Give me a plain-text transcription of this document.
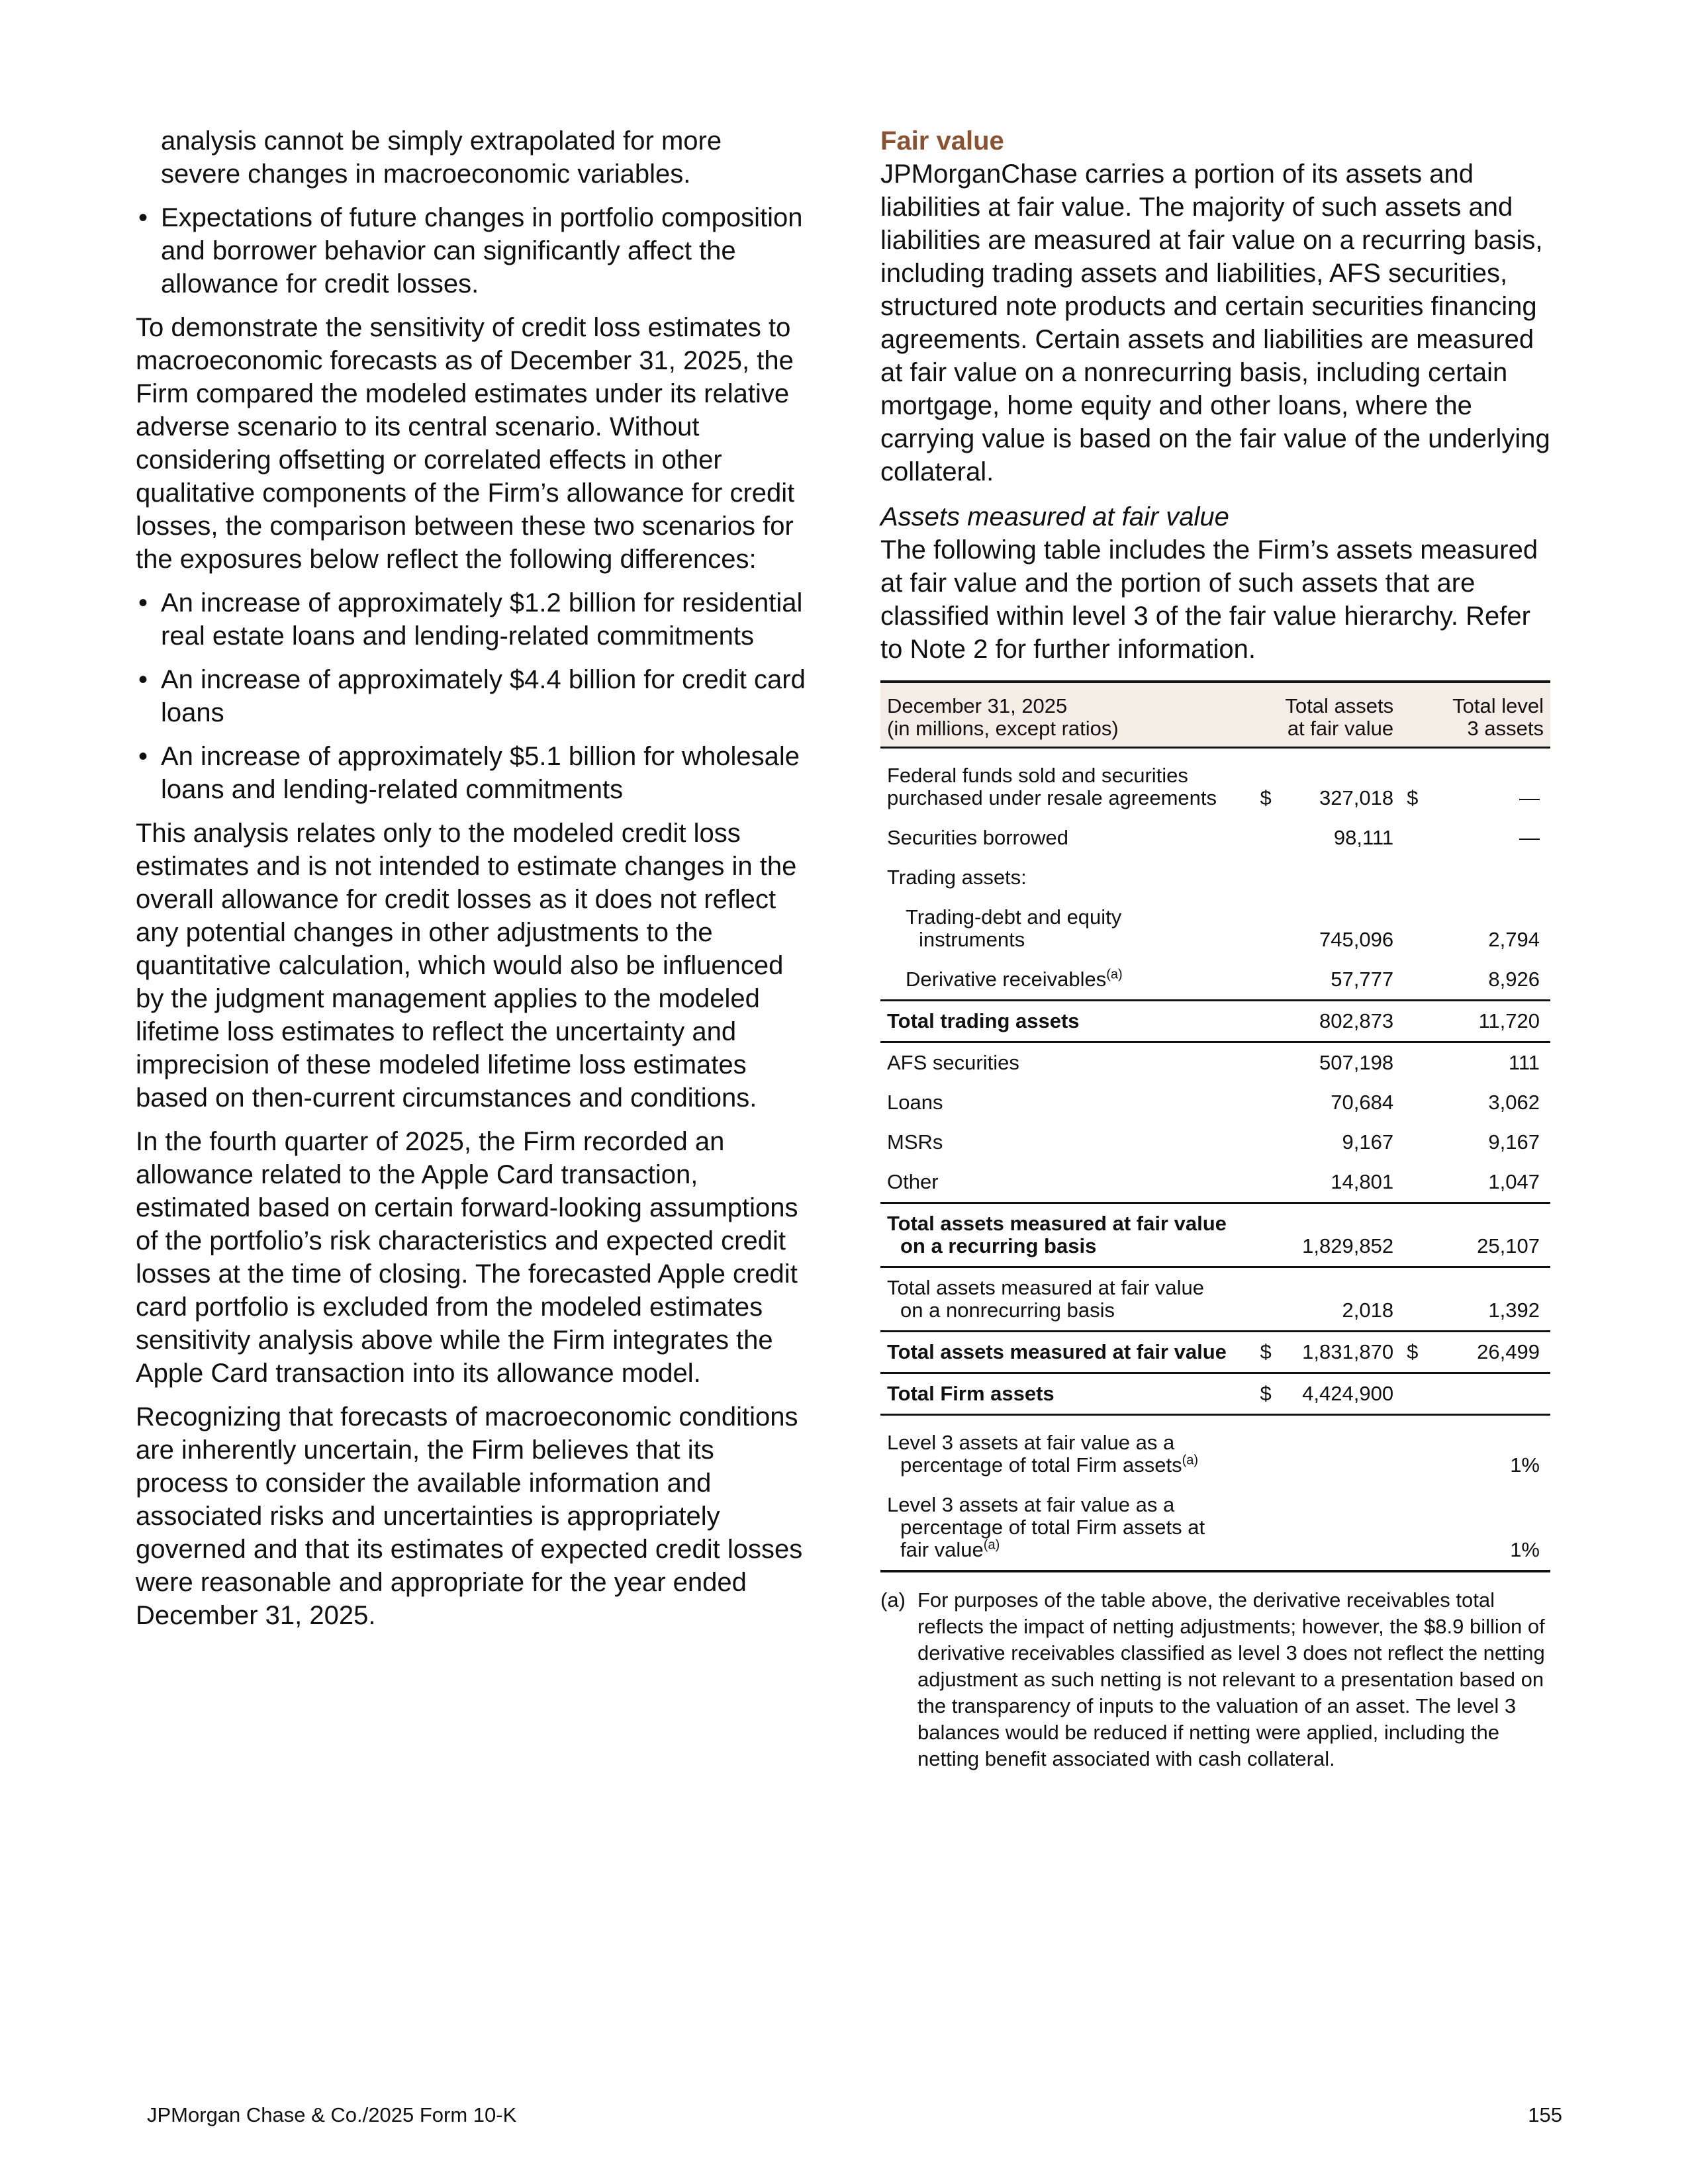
analysis cannot be simply extrapolated for more severe changes in macroeconomic variables.

• Expectations of future changes in portfolio composition and borrower behavior can significantly affect the allowance for credit losses.

To demonstrate the sensitivity of credit loss estimates to macroeconomic forecasts as of December 31, 2025, the Firm compared the modeled estimates under its relative adverse scenario to its central scenario. Without considering offsetting or correlated effects in other qualitative components of the Firm’s allowance for credit losses, the comparison between these two scenarios for the exposures below reflect the following differences:

• An increase of approximately $1.2 billion for residential real estate loans and lending-related commitments
• An increase of approximately $4.4 billion for credit card loans
• An increase of approximately $5.1 billion for wholesale loans and lending-related commitments

This analysis relates only to the modeled credit loss estimates and is not intended to estimate changes in the overall allowance for credit losses as it does not reflect any potential changes in other adjustments to the quantitative calculation, which would also be influenced by the judgment management applies to the modeled lifetime loss estimates to reflect the uncertainty and imprecision of these modeled lifetime loss estimates based on then-current circumstances and conditions.

In the fourth quarter of 2025, the Firm recorded an allowance related to the Apple Card transaction, estimated based on certain forward-looking assumptions of the portfolio’s risk characteristics and expected credit losses at the time of closing. The forecasted Apple credit card portfolio is excluded from the modeled estimates sensitivity analysis above while the Firm integrates the Apple Card transaction into its allowance model.

Recognizing that forecasts of macroeconomic conditions are inherently uncertain, the Firm believes that its process to consider the available information and associated risks and uncertainties is appropriately governed and that its estimates of expected credit losses were reasonable and appropriate for the year ended December 31, 2025.

Fair value

JPMorganChase carries a portion of its assets and liabilities at fair value. The majority of such assets and liabilities are measured at fair value on a recurring basis, including trading assets and liabilities, AFS securities, structured note products and certain securities financing agreements. Certain assets and liabilities are measured at fair value on a nonrecurring basis, including certain mortgage, home equity and other loans, where the carrying value is based on the fair value of the underlying collateral.

Assets measured at fair value

The following table includes the Firm’s assets measured at fair value and the portion of such assets that are classified within level 3 of the fair value hierarchy. Refer to Note 2 for further information.

December 31, 2025
(in millions, except ratios)	Total assets
at fair value	Total level
3 assets
Federal funds sold and securities
purchased under resale agreements	$ 327,018	$ —
Securities borrowed	98,111	—
Trading assets:		
Trading-debt and equity

instruments	745,096	2,794
Derivative receivables$^{(a)}$	57,777	8,926
Total trading assets	802,873	11,720
AFS securities	507,198	111
Loans	70,684	3,062
MSRs	9,167	9,167
Other	14,801	1,047
Total assets measured at fair value

on a recurring basis	1,829,852	25,107
Total assets measured at fair value

on a nonrecurring basis	2,018	1,392
Total assets measured at fair value	$ 1,831,870	$ 26,499
Total Firm assets	$ 4,424,900	
Level 3 assets at fair value as a

percentage of total Firm assets$^{(a)}$		1%
Level 3 assets at fair value as a

percentage of total Firm assets at
fair value$^{(a)}$		1%
(a) For purposes of the table above, the derivative receivables total reflects the impact of netting adjustments; however, the $8.9 billion of derivative receivables classified as level 3 does not reflect the netting adjustment as such netting is not relevant to a presentation based on the transparency of inputs to the valuation of an asset. The level 3 balances would be reduced if netting were applied, including the netting benefit associated with cash collateral.
JPMorgan Chase & Co./2025 Form 10-K	155
